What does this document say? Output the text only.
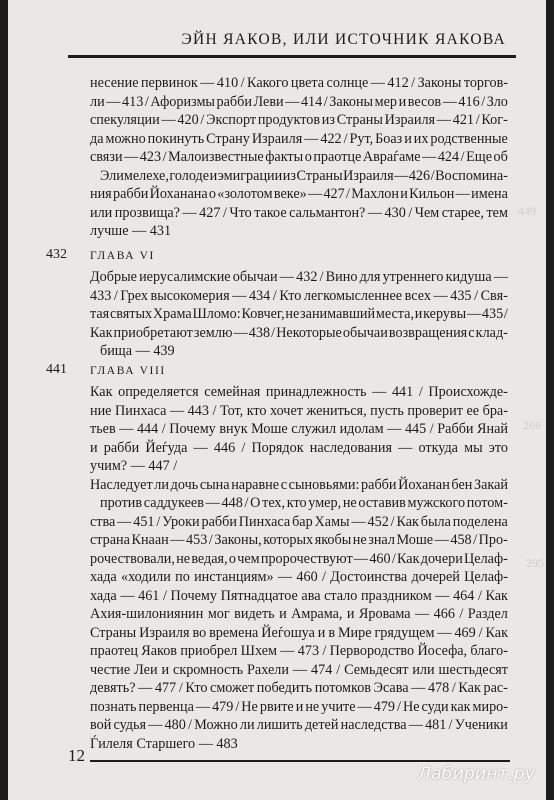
ЭЙН ЯАКОВ, ИЛИ ИСТОЧНИК ЯАКОВА
449
266
295
несение первинок — 410 / Какого цвета солнце — 412 / Законы торгов-
ли — 413 / Афоризмы рабби Леви — 414 / Законы мер и весов — 416 / Зло
спекуляции — 420 / Экспорт продуктов из Страны Израиля — 421 / Ког-
да можно покинуть Страну Израиля — 422 / Рут, Боаз и их родственные
связи — 423 / Малоизвестные факты о праотце Авраѓаме — 424 / Еще об
Элимелехе, голоде и эмиграции из Страны Израиля — 426 / Воспомина-
ния рабби Йоханана о «золотом веке» — 427 / Махлон и Кильон — имена
или прозвища? — 427 / Что такое сальмантон? — 430 / Чем старее, тем
лучше — 431
432 ГЛАВА VI
Добрые иерусалимские обычаи — 432 / Вино для утреннего кидуша —
433 / Грех высокомерия — 434 / Кто легкомысленнее всех — 435 / Свя-
тая святых Храма Шломо: Ковчег, не занимавший места, и керувы — 435 /
Как приобретают землю — 438 / Некоторые обычаи возвращения с клад-
бища — 439
441 ГЛАВА VIII
Как определяется семейная принадлежность — 441 / Происхожде-
ние Пинхаса — 443 / Тот, кто хочет жениться, пусть проверит ее бра-
тьев — 444 / Почему внук Моше служил идолам — 445 / Рабби Янай и рабби Йеѓуда — 446 / Порядок наследования — откуда мы это учим? — 447 /
Наследует ли дочь сына наравне с сыновьями: рабби Йоханан бен Закай
против саддукеев — 448 / О тех, кто умер, не оставив мужского потом-
ства — 451 / Уроки рабби Пинхаса бар Хамы — 452 / Как была поделена
страна Кнаан — 453 / Законы, которых якобы не знал Моше — 458 / Про-
рочествовали, не ведая, о чем пророчествуют — 460 / Как дочери Целаф-
хада «ходили по инстанциям» — 460 / Достоинства дочерей Целаф-
хада — 461 / Почему Пятнадцатое ава стало праздником — 464 / Как
Ахия-шилониянин мог видеть и Амрама, и Яровама — 466 / Раздел
Страны Израиля во времена Йеѓошуа и в Мире грядущем — 469 / Как
праотец Яаков приобрел Шхем — 473 / Первородство Йосефа, благо-
честие Леи и скромность Рахели — 474 / Семьдесят или шестьдесят
девять? — 477 / Кто сможет победить потомков Эсава — 478 / Как рас-
познать первенца — 479 / Не рвите и не учите — 479 / Не суди как миро-
вой судья — 480 / Можно ли лишить детей наследства — 481 / Ученики
Ѓилеля Старшего — 483
12
Лабиринт.ру
